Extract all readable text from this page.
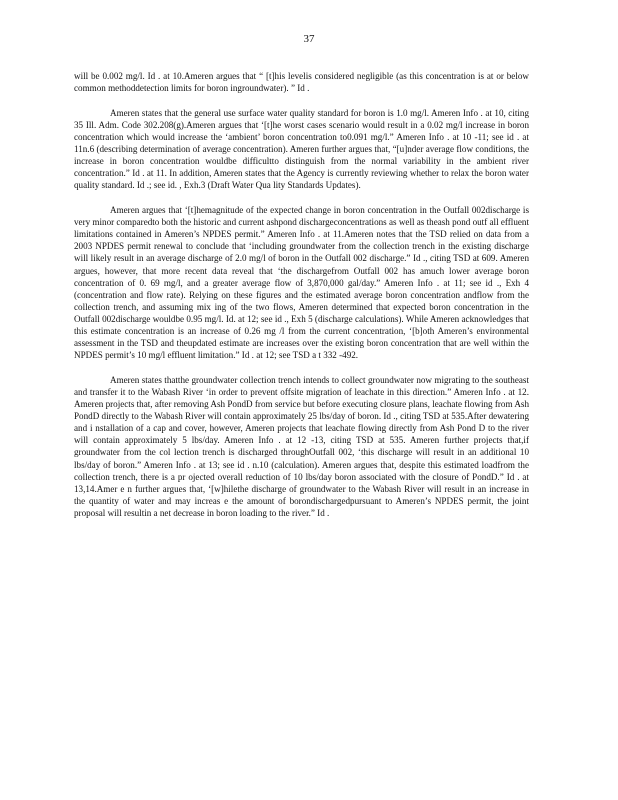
37

will be 0.002 mg/l. Id . at 10.Ameren argues that “ [t]his levelis considered negligible (as this concentration is at or below common methoddetection limits for boron ingroundwater). ” Id .

Ameren states that the general use surface water quality standard for boron is 1.0 mg/l. Ameren Info . at 10, citing 35 Ill. Adm. Code 302.208(g).Ameren argues that ‘[t]he worst cases scenario would result in a 0.02 mg/l increase in boron concentration which would increase the ‘ambient’ boron concentration to0.091 mg/l.” Ameren Info . at 10 -11; see id . at 11n.6 (describing determination of average concentration). Ameren further argues that, “[u]nder average flow conditions, the increase in boron concentration wouldbe difficultto distinguish from the normal variability in the ambient river concentration.” Id . at 11. In addition, Ameren states that the Agency is currently reviewing whether to relax the boron water quality standard. Id .; see id. , Exh.3 (Draft Water Qua lity Standards Updates).

Ameren argues that ‘[t]hemagnitude of the expected change in boron concentration in the Outfall 002discharge is very minor comparedto both the historic and current ashpond dischargeconcentrations as well as theash pond outf all effluent limitations contained in Ameren’s NPDES permit.” Ameren Info . at 11.Ameren notes that the TSD relied on data from a 2003 NPDES permit renewal to conclude that ‘including groundwater from the collection trench in the existing discharge will likely result in an average discharge of 2.0 mg/l of boron in the Outfall 002 discharge.” Id ., citing TSD at 609. Ameren argues, however, that more recent data reveal that ‘the dischargefrom Outfall 002 has amuch lower average boron concentration of 0. 69 mg/l, and a greater average flow of 3,870,000 gal/day.” Ameren Info . at 11; see id ., Exh 4 (concentration and flow rate). Relying on these figures and the estimated average boron concentration andflow from the collection trench, and assuming mix ing of the two flows, Ameren determined that expected boron concentration in the Outfall 002discharge wouldbe 0.95 mg/l. Id. at 12; see id ., Exh 5 (discharge calculations). While Ameren acknowledges that this estimate concentration is an increase of 0.26 mg /l from the current concentration, ‘[b]oth Ameren’s environmental assessment in the TSD and theupdated estimate are increases over the existing boron concentration that are well within the NPDES permit’s 10 mg/l effluent limitation.” Id . at 12; see TSD a t 332 -492.

Ameren states thatthe groundwater collection trench intends to collect groundwater now migrating to the southeast and transfer it to the Wabash River ‘in order to prevent offsite migration of leachate in this direction.” Ameren Info . at 12. Ameren projects that, after removing Ash PondD from service but before executing closure plans, leachate flowing from Ash PondD directly to the Wabash River will contain approximately 25 lbs/day of boron. Id ., citing TSD at 535.After dewatering and i nstallation of a cap and cover, however, Ameren projects that leachate flowing directly from Ash Pond D to the river will contain approximately 5 lbs/day. Ameren Info . at 12 -13, citing TSD at 535. Ameren further projects that,if groundwater from the col lection trench is discharged throughOutfall 002, ‘this discharge will result in an additional 10 lbs/day of boron.” Ameren Info . at 13; see id . n.10 (calculation). Ameren argues that, despite this estimated loadfrom the collection trench, there is a pr ojected overall reduction of 10 lbs/day boron associated with the closure of PondD.” Id . at 13,14.Amer e n further argues that, ‘[w]hilethe discharge of groundwater to the Wabash River will result in an increase in the quantity of water and may increas e the amount of borondischargedpursuant to Ameren’s NPDES permit, the joint proposal will resultin a net decrease in boron loading to the river.” Id .
